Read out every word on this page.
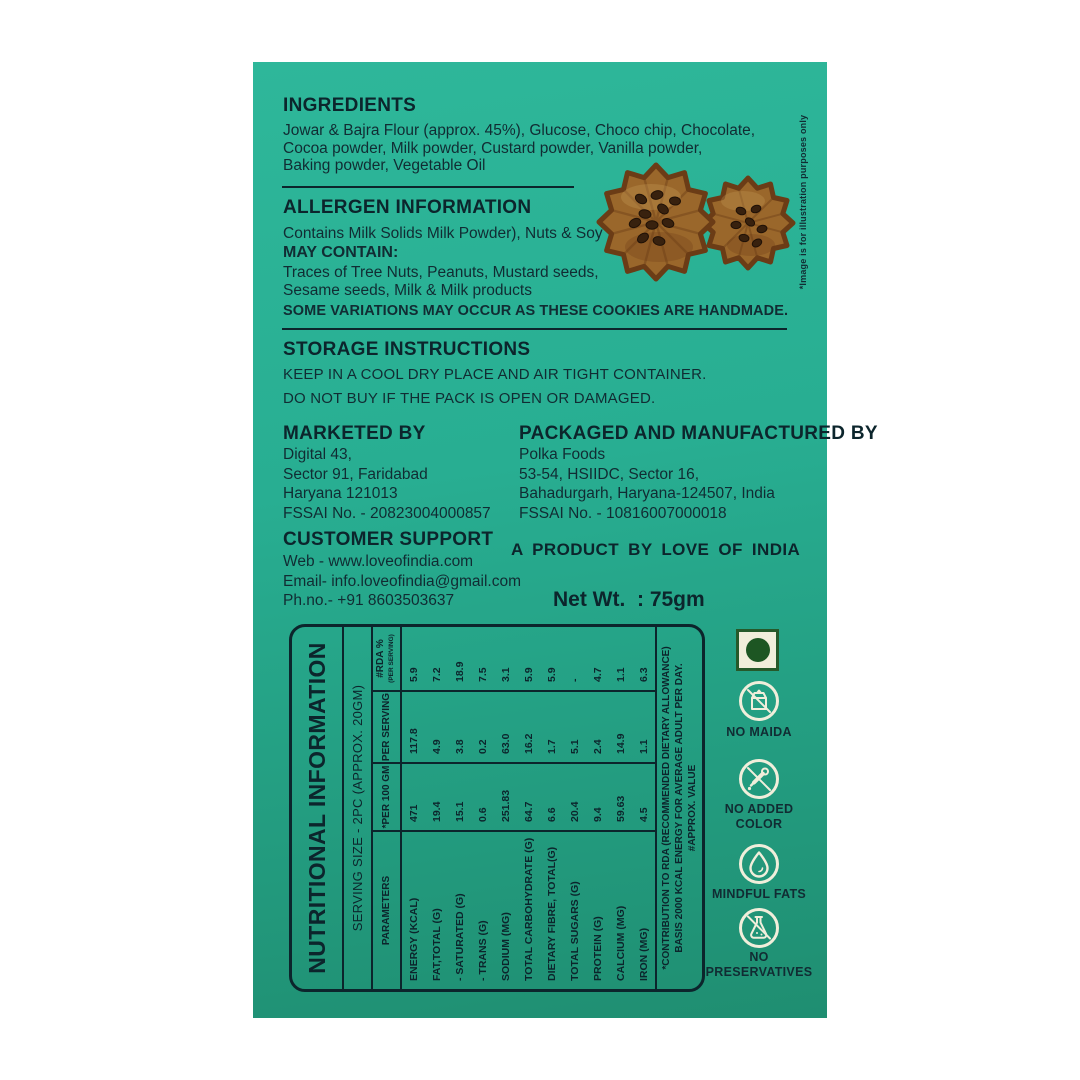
INGREDIENTS
Jowar & Bajra Flour (approx. 45%), Glucose, Choco chip, Chocolate,
Cocoa powder, Milk powder, Custard powder, Vanilla powder,
Baking powder, Vegetable Oil
ALLERGEN INFORMATION
Contains Milk Solids Milk Powder), Nuts & Soy
MAY CONTAIN:
Traces of Tree Nuts, Peanuts, Mustard seeds,
Sesame seeds, Milk & Milk products
SOME VARIATIONS MAY OCCUR AS THESE COOKIES ARE HANDMADE.
STORAGE INSTRUCTIONS
KEEP IN A COOL DRY PLACE AND AIR TIGHT CONTAINER.
DO NOT BUY IF THE PACK IS OPEN OR DAMAGED.
MARKETED BY
Digital 43,
Sector 91, Faridabad
Haryana 121013
FSSAI No. - 20823004000857
PACKAGED AND MANUFACTURED BY
Polka Foods
53-54, HSIIDC, Sector 16,
Bahadurgarh, Haryana-124507, India
FSSAI No. - 10816007000018
CUSTOMER SUPPORT
Web - www.loveofindia.com
Email- info.loveofindia@gmail.com
Ph.no.- +91 8603503637
A PRODUCT BY LOVE OF INDIA
Net Wt.  : 75gm
*Image is for illustration purposes only
NUTRITIONAL INFORMATION			
SERVING SIZE - 2PC (APPROX. 20GM)			
PARAMETERS	*PER 100 GM	PER SERVING	#RDA % (PER SERVING)

ENERGY (KCAL)	471	117.8	5.9
FAT,TOTAL (G)	19.4	4.9	7.2
- SATURATED (G)	15.1	3.8	18.9
- TRANS (G)	0.6	0.2	7.5
SODIUM (MG)	251.83	63.0	3.1
TOTAL CARBOHYDRATE (G)	64.7	16.2	5.9
DIETARY FIBRE, TOTAL(G)	6.6	1.7	5.9
TOTAL SUGARS (G)	20.4	5.1	-
PROTEIN (G)	9.4	2.4	4.7
CALCIUM (MG)	59.63	14.9	1.1
IRON (MG)	4.5	1.1	6.3

*CONTRIBUTION TO RDA (RECOMMENDED DIETARY ALLOWANCE) BASIS 2000 KCAL ENERGY FOR AVERAGE ADULT PER DAY. #APPROX. VALUE			
NO MAIDA
NO ADDED
COLOR
MINDFUL FATS
NO
PRESERVATIVES
